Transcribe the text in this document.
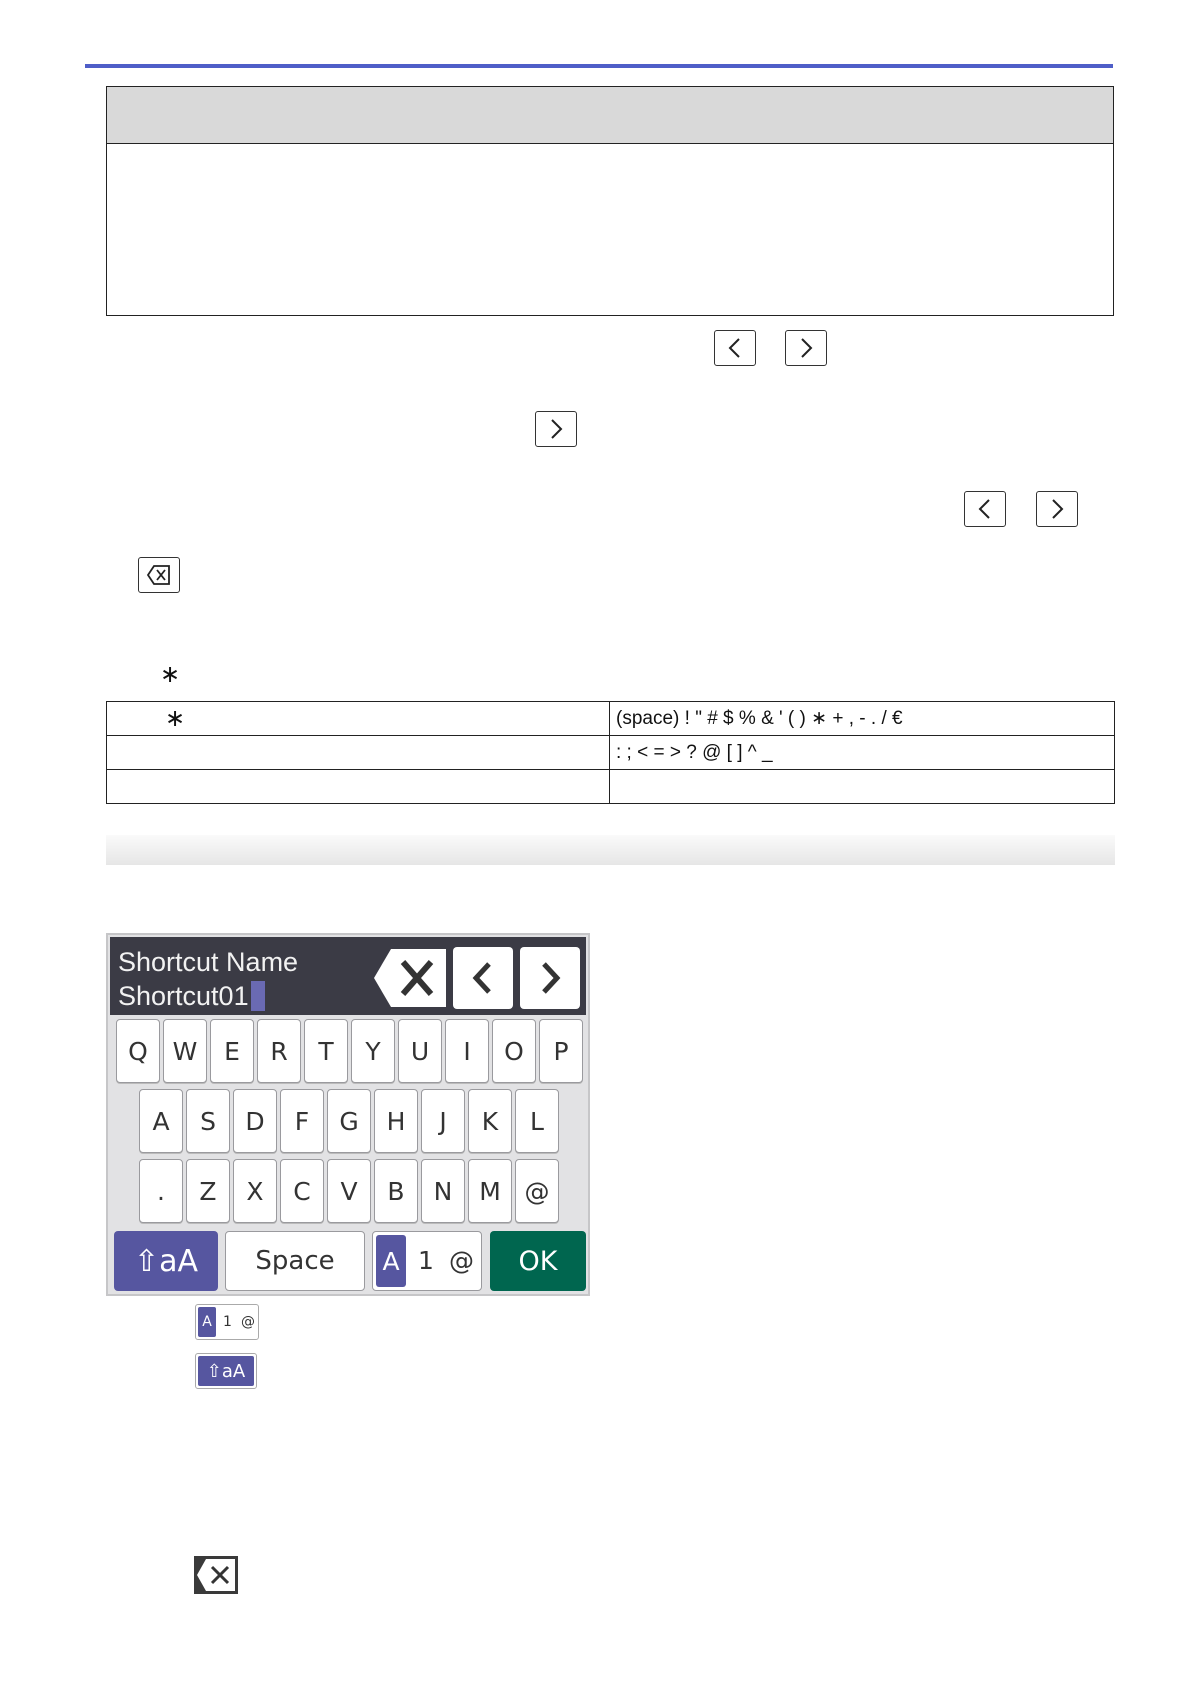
∗
∗	(space) ! " # $ % & ' ( ) ∗ + , - . / €
	: ; < = > ? @ [ ] ^ _

Shortcut Name
Shortcut01
Q W	E	R	T	Y	U	I	O	P
A	S	D	F	G	H	J	K	L
.	Z	X	C	V	B	N	M @
⇧aA	Space	A 1 @	OK
A 1 @
⇧aA
